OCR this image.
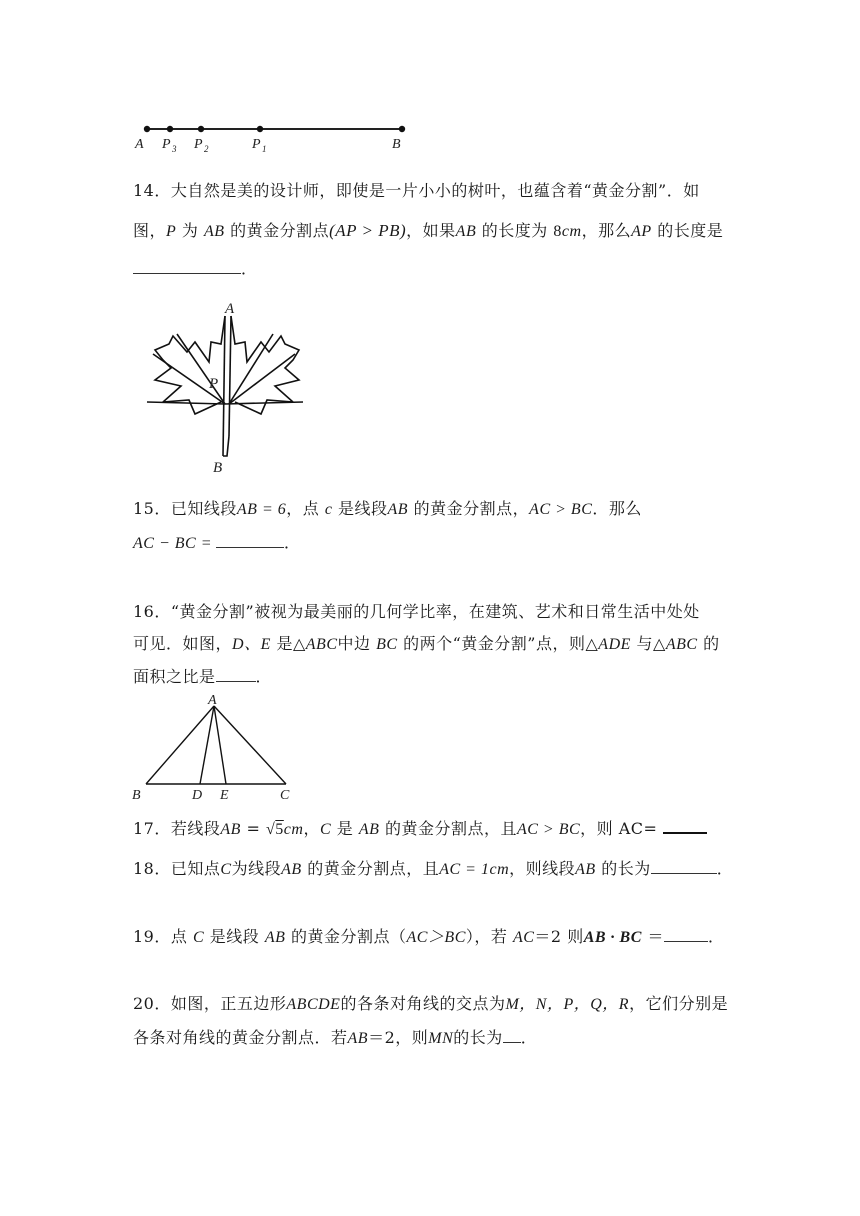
A P 3 P 2	P 1	B
14．大自然是美的设计师，即使是一片小小的树叶，也蕴含着“黄金分割”．如
图，P 为 AB 的黄金分割点(AP > PB)，如果AB 的长度为 8cm，那么AP 的长度是
．
A
P
B
15．已知线段AB = 6，点 c 是线段AB 的黄金分割点，AC > BC．那么
AC − BC =	．
16．“黄金分割”被视为最美丽的几何学比率，在建筑、艺术和日常生活中处处
可见．如图，D、E 是△ABC中边 BC 的两个“黄金分割”点，则△ADE 与△ABC 的
面积之比是	．
A
B	D E	C
17．若线段AB = √5cm，C 是 AB 的黄金分割点，且AC > BC，则 AC=
18．已知点C为线段AB 的黄金分割点，且AC = 1cm，则线段AB 的长为	．
19．点 C 是线段 AB 的黄金分割点（AC＞BC），若 AC＝2 则AB · BC ＝	．
20．如图，正五边形ABCDE的各条对角线的交点为M，N，P，Q，R，它们分别是
各条对角线的黄金分割点．若AB＝2，则MN的长为 ．
